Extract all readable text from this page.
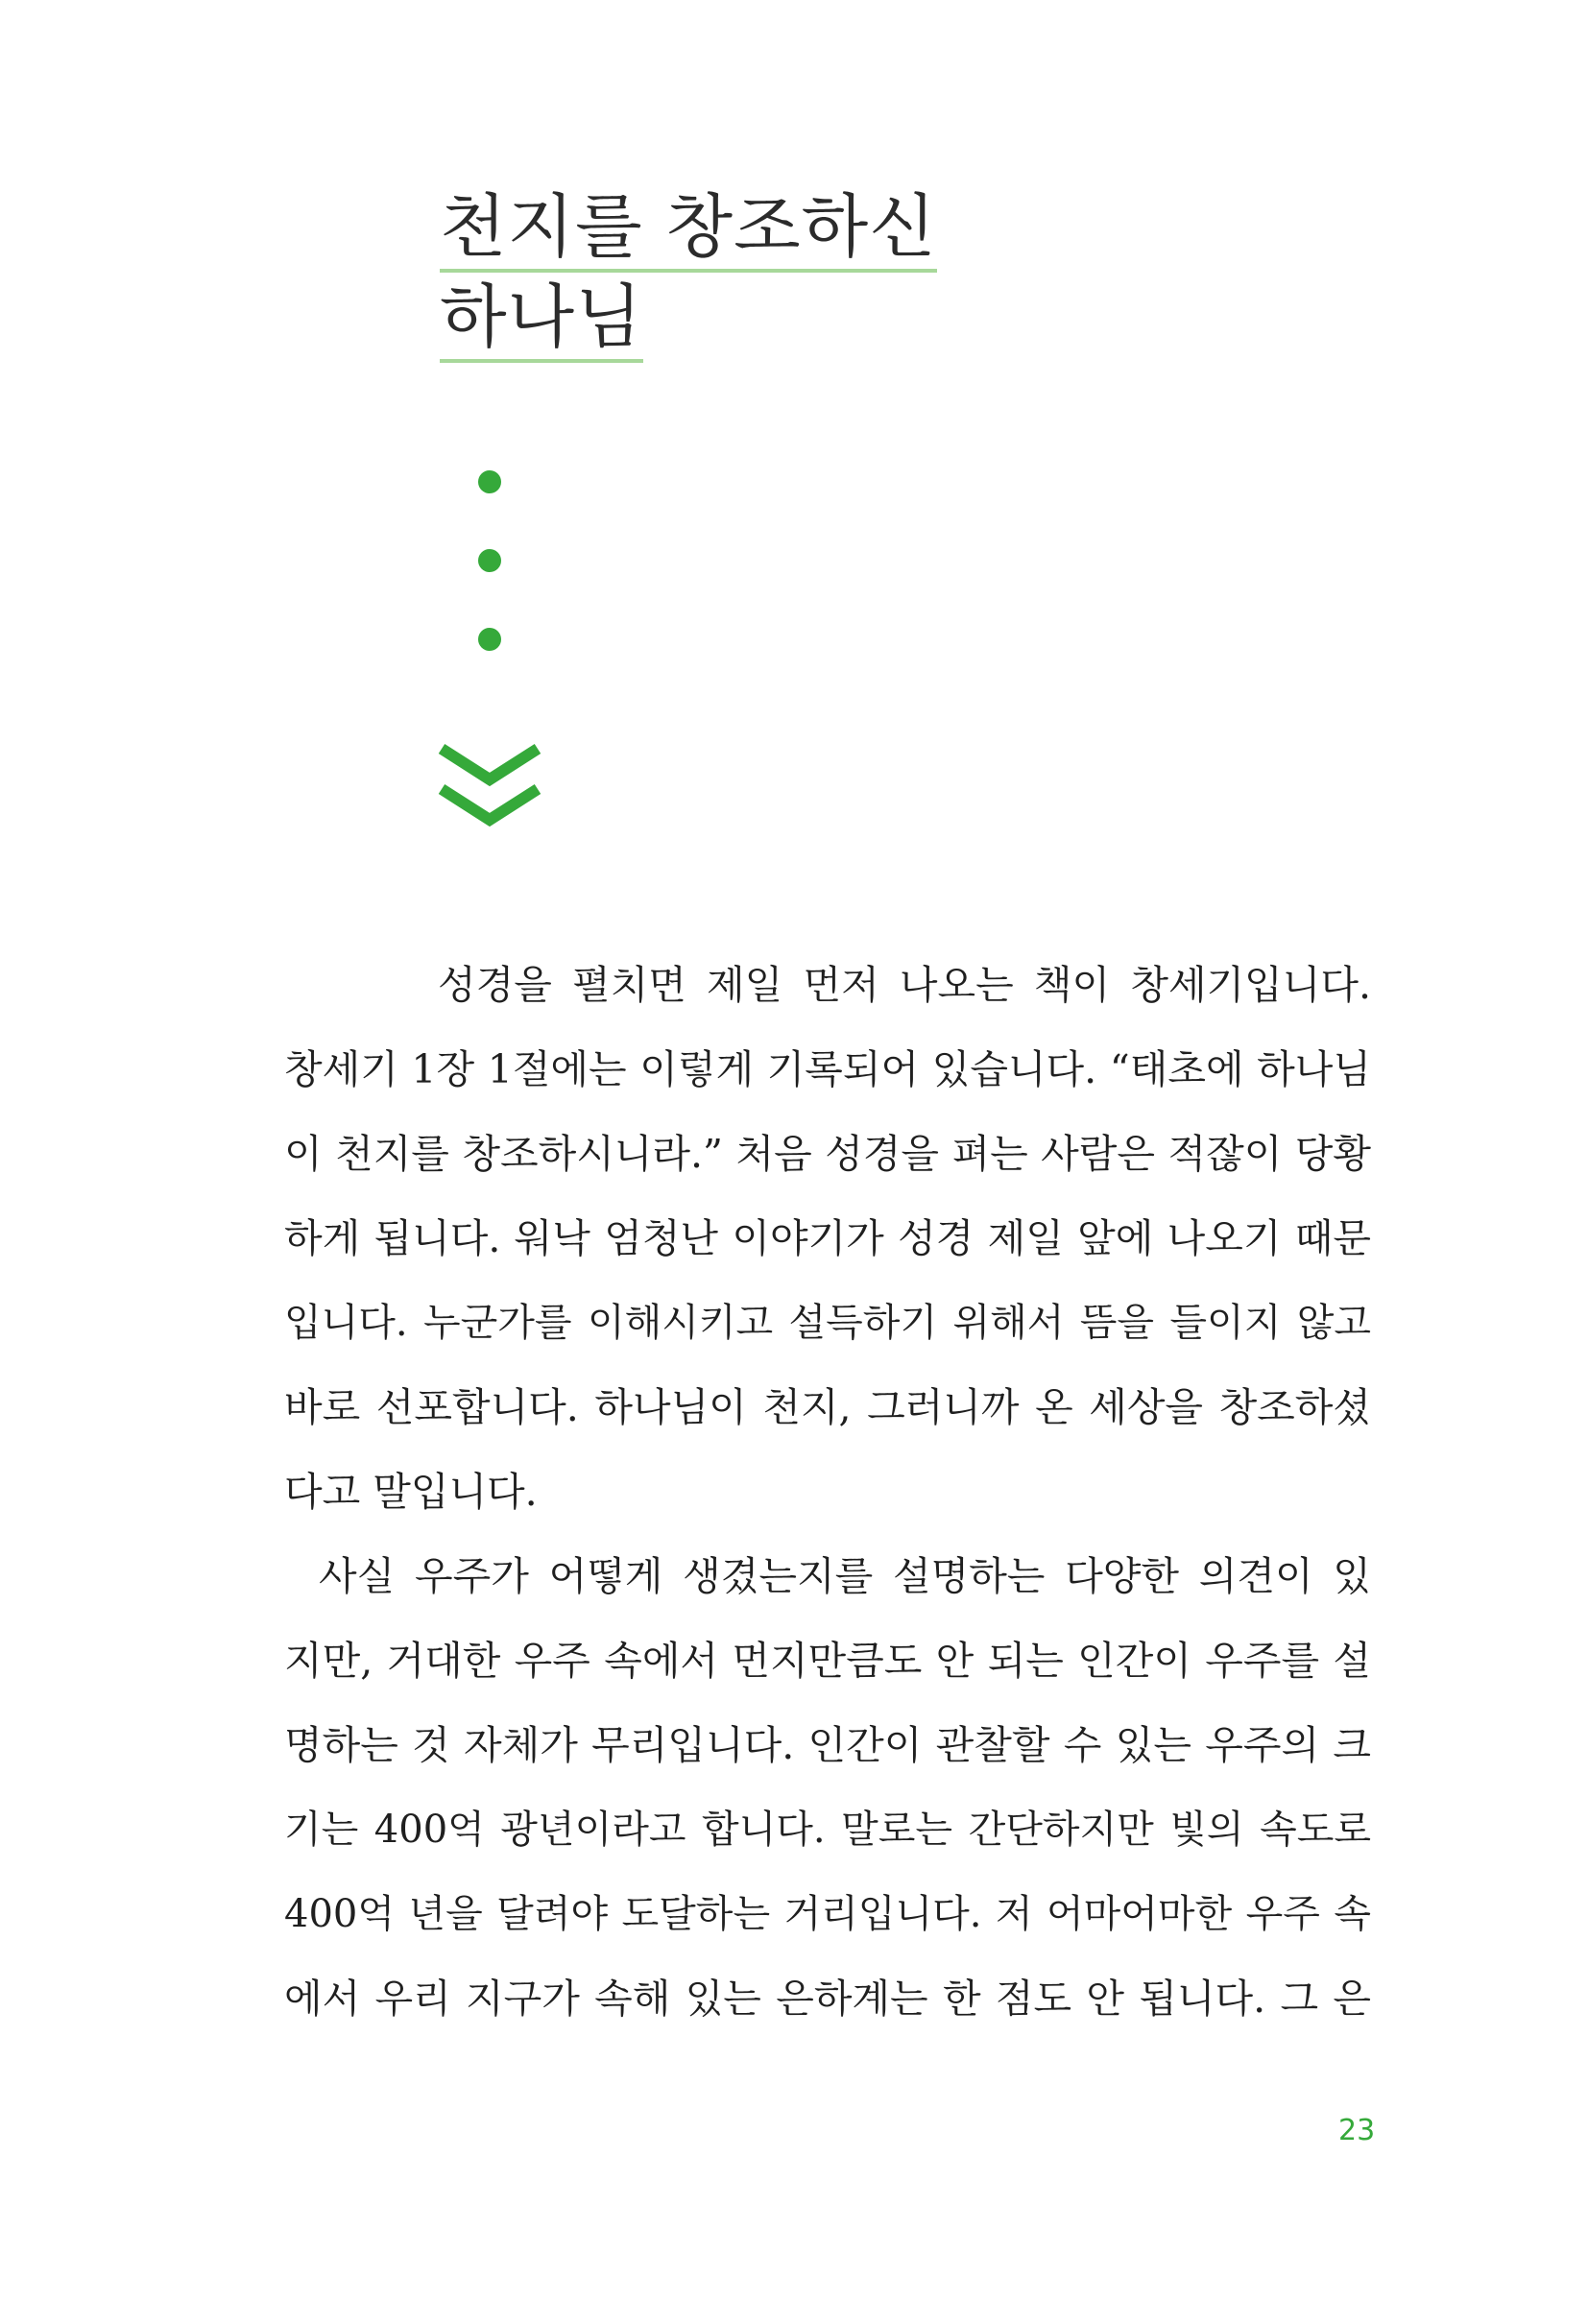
천지를 창조하신
하나님
성경을 펼치면 제일 먼저 나오는 책이 창세기입니다.
창세기 1장 1절에는 이렇게 기록되어 있습니다. “태초에 하나님
이 천지를 창조하시니라.” 처음 성경을 펴는 사람은 적잖이 당황
하게 됩니다. 워낙 엄청난 이야기가 성경 제일 앞에 나오기 때문
입니다. 누군가를 이해시키고 설득하기 위해서 뜸을 들이지 않고
바로 선포합니다. 하나님이 천지, 그러니까 온 세상을 창조하셨
다고 말입니다.
사실 우주가 어떻게 생겼는지를 설명하는 다양한 의견이 있
지만, 거대한 우주 속에서 먼지만큼도 안 되는 인간이 우주를 설
명하는 것 자체가 무리입니다. 인간이 관찰할 수 있는 우주의 크
기는 400억 광년이라고 합니다. 말로는 간단하지만 빛의 속도로
400억 년을 달려야 도달하는 거리입니다. 저 어마어마한 우주 속
에서 우리 지구가 속해 있는 은하계는 한 점도 안 됩니다. 그 은
23
